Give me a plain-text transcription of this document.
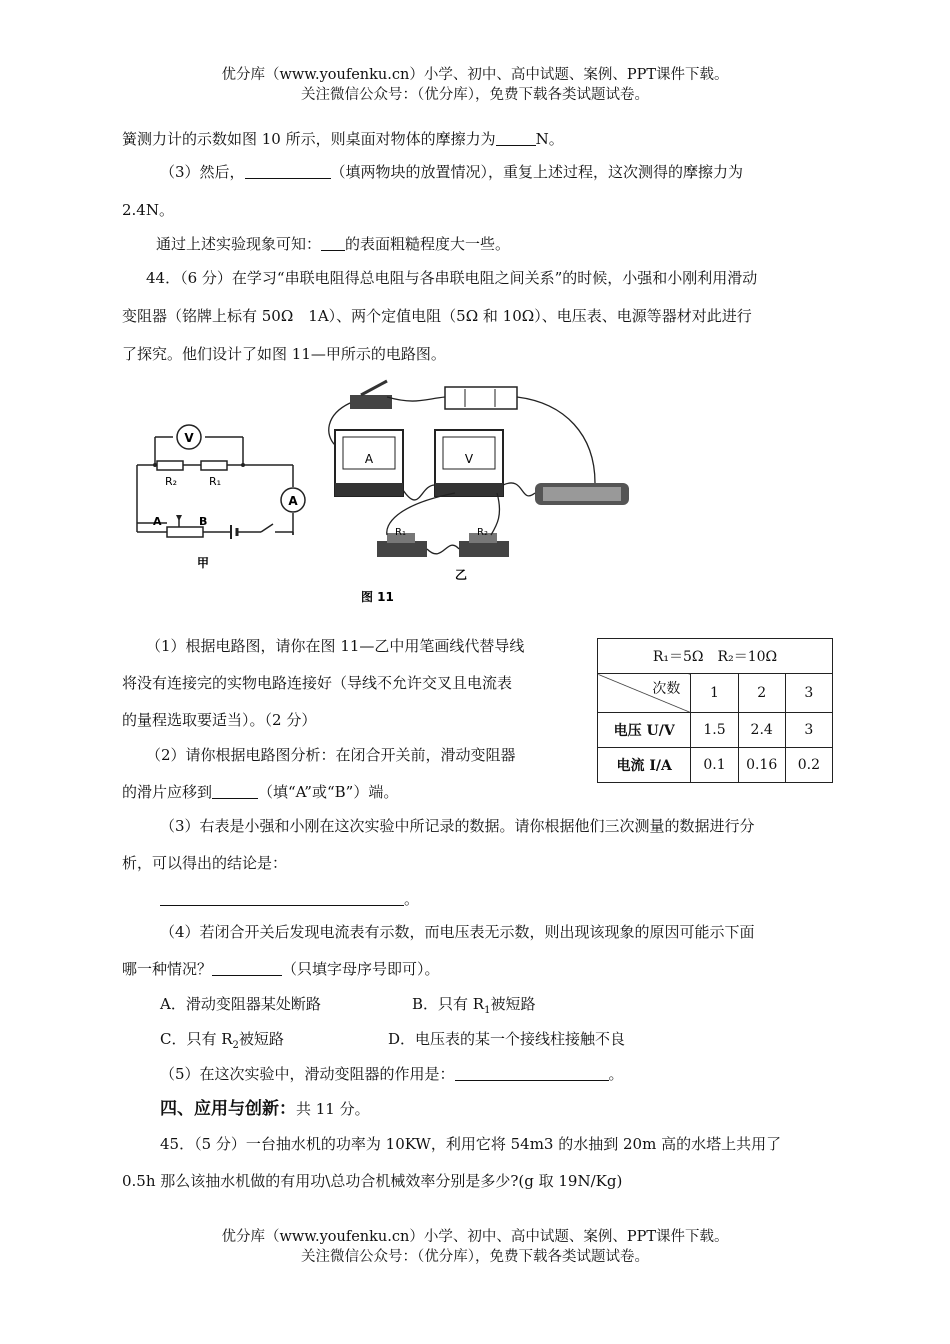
优分库（www.youfenku.cn）小学、初中、高中试题、案例、PPT课件下载。
关注微信公众号：（优分库），免费下载各类试题试卷。
簧测力计的示数如图 10 所示，则桌面对物体的摩擦力为	N。
（3）然后，	（填两物块的放置情况），重复上述过程，这次测得的摩擦力为
2.4N。
通过上述实验现象可知： 的表面粗糙程度大一些。
44．（6 分）在学习“串联电阻得总电阻与各串联电阻之间关系”的时候，小强和小刚利用滑动
变阻器（铭牌上标有 50Ω　1A）、两个定值电阻（5Ω 和 10Ω）、电压表、电源等器材对此进行
了探究。他们设计了如图 11—甲所示的电路图。
V
A
R₂	R₁
A	B
A	V
R₁	R₂
甲
乙
图 11
（1）根据电路图，请你在图 11—乙中用笔画线代替导线
将没有连接完的实物电路连接好（导线不允许交叉且电流表
的量程选取要适当）。（2 分）
（2）请你根据电路图分析：在闭合开关前，滑动变阻器
的滑片应移到	（填“A”或“B”）端。
R₁＝5Ω　R₂＝10Ω			

次数	1	2	3
电压 U/V	1.5	2.4	3
电流 I/A	0.1	0.16	0.2
（3）右表是小强和小刚在这次实验中所记录的数据。请你根据他们三次测量的数据进行分
析，可以得出的结论是：
。
（4）若闭合开关后发现电流表有示数，而电压表无示数，则出现该现象的原因可能示下面
哪一种情况？	（只填字母序号即可）。
A．滑动变阻器某处断路	B．只有 $R_1$被短路
C．只有 $R_2$被短路	D．电压表的某一个接线柱接触不良
（5）在这次实验中，滑动变阻器的作用是：	。
四、应用与创新：共 11 分。
45．（5 分）一台抽水机的功率为 10KW，利用它将 54m3 的水抽到 20m 高的水塔上共用了
0.5h 那么该抽水机做的有用功\总功合机械效率分别是多少?(g 取 19N/Kg)
优分库（www.youfenku.cn）小学、初中、高中试题、案例、PPT课件下载。
关注微信公众号：（优分库），免费下载各类试题试卷。
